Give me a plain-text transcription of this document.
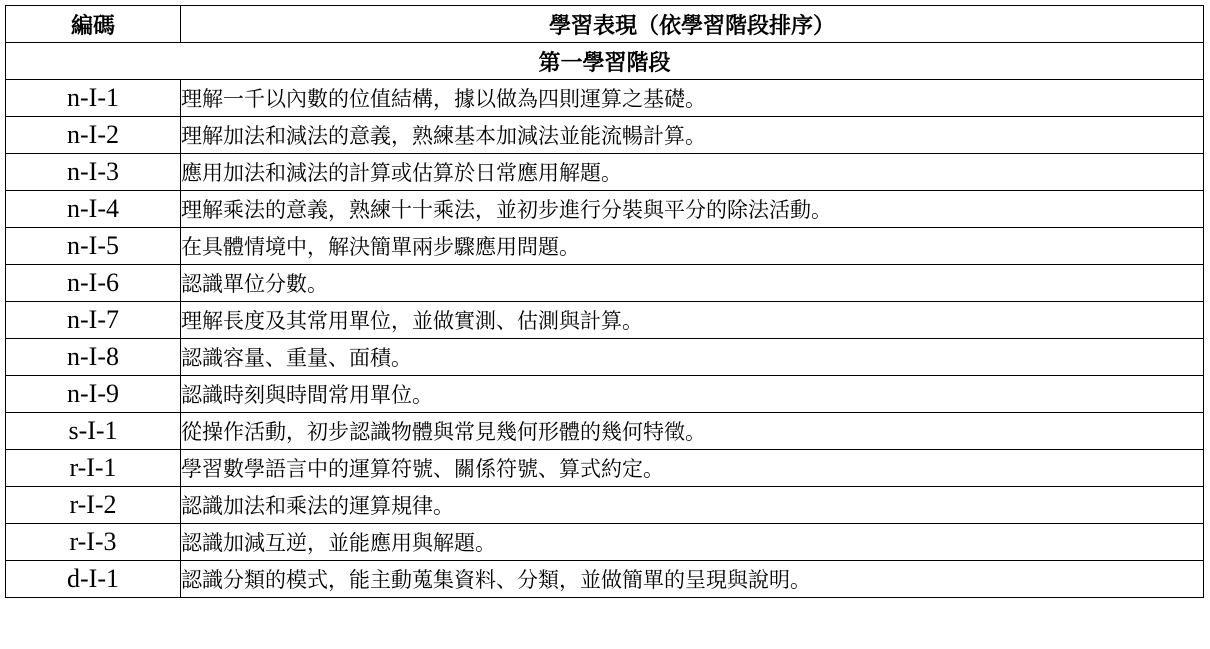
編碼	學習表現（依學習階段排序）
第一學習階段	
n-I-1	理解一千以內數的位值結構，據以做為四則運算之基礎。
n-I-2	理解加法和減法的意義，熟練基本加減法並能流暢計算。
n-I-3	應用加法和減法的計算或估算於日常應用解題。
n-I-4	理解乘法的意義，熟練十十乘法，並初步進行分裝與平分的除法活動。
n-I-5	在具體情境中，解決簡單兩步驟應用問題。
n-I-6	認識單位分數。
n-I-7	理解長度及其常用單位，並做實測、估測與計算。
n-I-8	認識容量、重量、面積。
n-I-9	認識時刻與時間常用單位。
s-I-1	從操作活動，初步認識物體與常見幾何形體的幾何特徵。
r-I-1	學習數學語言中的運算符號、關係符號、算式約定。
r-I-2	認識加法和乘法的運算規律。
r-I-3	認識加減互逆，並能應用與解題。
d-I-1	認識分類的模式，能主動蒐集資料、分類，並做簡單的呈現與說明。
